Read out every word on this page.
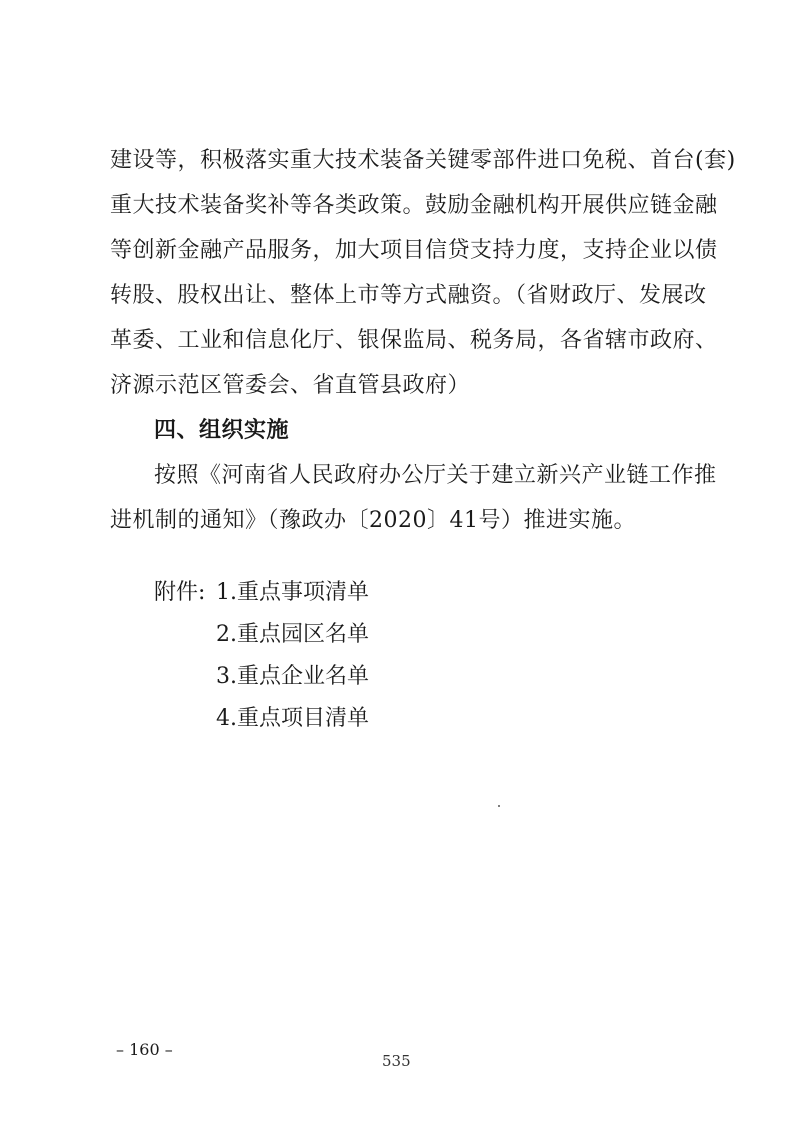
建设等，积极落实重大技术装备关键零部件进口免税、首台(套)
重大技术装备奖补等各类政策。鼓励金融机构开展供应链金融
等创新金融产品服务，加大项目信贷支持力度，支持企业以债
转股、股权出让、整体上市等方式融资。（省财政厅、发展改
革委、工业和信息化厅、银保监局、税务局，各省辖市政府、
济源示范区管委会、省直管县政府）
四、组织实施
按照《河南省人民政府办公厅关于建立新兴产业链工作推
进机制的通知》（豫政办〔2020〕41号）推进实施。
附件: 1.重点事项清单
2.重点园区名单
3.重点企业名单
4.重点项目清单
– 160 –
535
